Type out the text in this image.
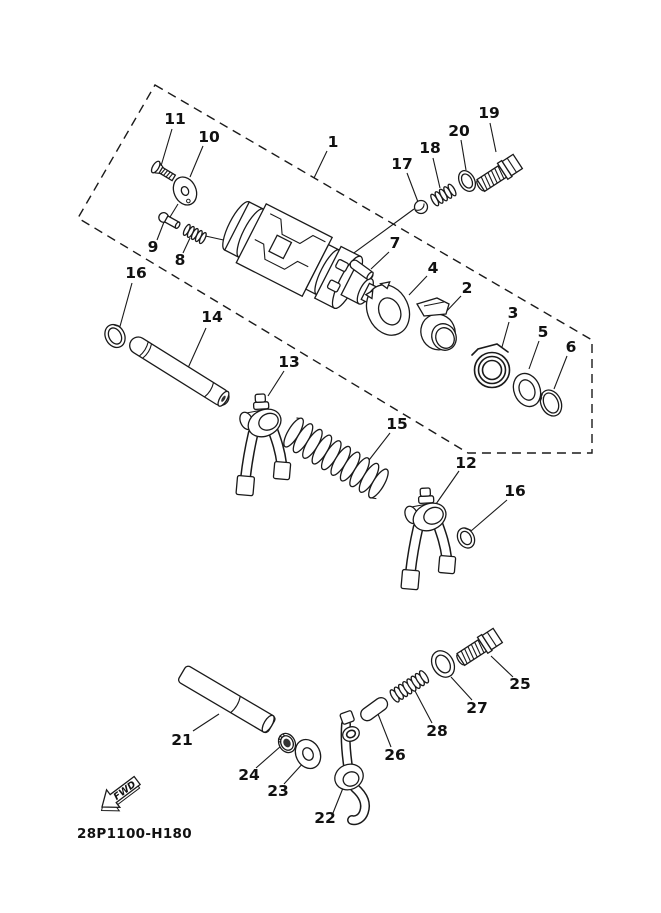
1
2
3
4
5
6
7
8
9
10
11
12
13
14
15
16
16
17
18
19
20
21
22
23
24
25
26
27
28
FWD
28P1100-H180
